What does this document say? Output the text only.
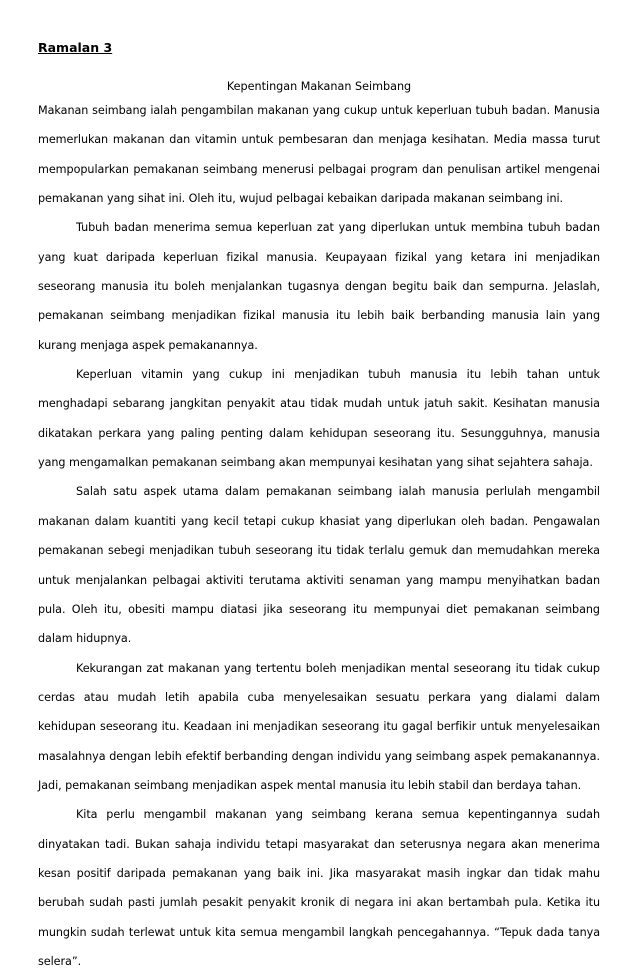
Ramalan 3
Kepentingan Makanan Seimbang

Makanan seimbang ialah pengambilan makanan yang cukup untuk keperluan tubuh badan. Manusia memerlukan makanan dan vitamin untuk pembesaran dan menjaga kesihatan. Media massa turut mempopularkan pemakanan seimbang menerusi pelbagai program dan penulisan artikel mengenai pemakanan yang sihat ini. Oleh itu, wujud pelbagai kebaikan daripada makanan seimbang ini.

Tubuh badan menerima semua keperluan zat yang diperlukan untuk membina tubuh badan yang kuat daripada keperluan fizikal manusia. Keupayaan fizikal yang ketara ini menjadikan seseorang manusia itu boleh menjalankan tugasnya dengan begitu baik dan sempurna. Jelaslah, pemakanan seimbang menjadikan fizikal manusia itu lebih baik berbanding manusia lain yang kurang menjaga aspek pemakanannya.

Keperluan vitamin yang cukup ini menjadikan tubuh manusia itu lebih tahan untuk menghadapi sebarang jangkitan penyakit atau tidak mudah untuk jatuh sakit. Kesihatan manusia dikatakan perkara yang paling penting dalam kehidupan seseorang itu. Sesungguhnya, manusia yang mengamalkan pemakanan seimbang akan mempunyai kesihatan yang sihat sejahtera sahaja.

Salah satu aspek utama dalam pemakanan seimbang ialah manusia perlulah mengambil makanan dalam kuantiti yang kecil tetapi cukup khasiat yang diperlukan oleh badan. Pengawalan pemakanan sebegi menjadikan tubuh seseorang itu tidak terlalu gemuk dan memudahkan mereka untuk menjalankan pelbagai aktiviti terutama aktiviti senaman yang mampu menyihatkan badan pula. Oleh itu, obesiti mampu diatasi jika seseorang itu mempunyai diet pemakanan seimbang dalam hidupnya.

Kekurangan zat makanan yang tertentu boleh menjadikan mental seseorang itu tidak cukup cerdas atau mudah letih apabila cuba menyelesaikan sesuatu perkara yang dialami dalam kehidupan seseorang itu. Keadaan ini menjadikan seseorang itu gagal berfikir untuk menyelesaikan masalahnya dengan lebih efektif berbanding dengan individu yang seimbang aspek pemakanannya. Jadi, pemakanan seimbang menjadikan aspek mental manusia itu lebih stabil dan berdaya tahan.

Kita perlu mengambil makanan yang seimbang kerana semua kepentingannya sudah dinyatakan tadi. Bukan sahaja individu tetapi masyarakat dan seterusnya negara akan menerima kesan positif daripada pemakanan yang baik ini. Jika masyarakat masih ingkar dan tidak mahu berubah sudah pasti jumlah pesakit penyakit kronik di negara ini akan bertambah pula. Ketika itu mungkin sudah terlewat untuk kita semua mengambil langkah pencegahannya. “Tepuk dada tanya selera”.
